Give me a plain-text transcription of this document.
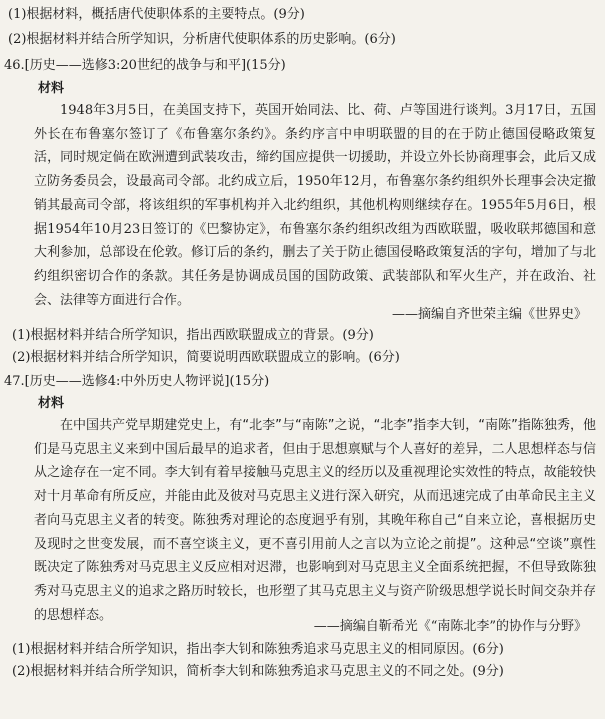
(1)根据材料，概括唐代使职体系的主要特点。(9分)
(2)根据材料并结合所学知识，分析唐代使职体系的历史影响。(6分)
46.[历史——选修3:20世纪的战争与和平](15分)
材料

1948年3月5日，在美国支持下，英国开始同法、比、荷、卢等国进行谈判。3月17日，五国外长在布鲁塞尔签订了《布鲁塞尔条约》。条约序言中申明联盟的目的在于防止德国侵略政策复活，同时规定倘在欧洲遭到武装攻击，缔约国应提供一切援助，并设立外长协商理事会，此后又成立防务委员会，设最高司令部。北约成立后，1950年12月，布鲁塞尔条约组织外长理事会决定撤销其最高司令部，将该组织的军事机构并入北约组织，其他机构则继续存在。1955年5月6日，根据1954年10月23日签订的《巴黎协定》，布鲁塞尔条约组织改组为西欧联盟，吸收联邦德国和意大利参加，总部设在伦敦。修订后的条约，删去了关于防止德国侵略政策复活的字句，增加了与北约组织密切合作的条款。其任务是协调成员国的国防政策、武装部队和军火生产，并在政治、社会、法律等方面进行合作。

——摘编自齐世荣主编《世界史》
(1)根据材料并结合所学知识，指出西欧联盟成立的背景。(9分)
(2)根据材料并结合所学知识，简要说明西欧联盟成立的影响。(6分)
47.[历史——选修4:中外历史人物评说](15分)
材料

在中国共产党早期建党史上，有“北李”与“南陈”之说，“北李”指李大钊，“南陈”指陈独秀，他们是马克思主义来到中国后最早的追求者，但由于思想禀赋与个人喜好的差异，二人思想样态与信从之途存在一定不同。李大钊有着早接触马克思主义的经历以及重视理论实效性的特点，故能较快对十月革命有所反应，并能由此及彼对马克思主义进行深入研究，从而迅速完成了由革命民主主义者向马克思主义者的转变。陈独秀对理论的态度迥乎有别，其晚年称自己“自来立论，喜根据历史及现时之世变发展，而不喜空谈主义，更不喜引用前人之言以为立论之前提”。这种忌“空谈”禀性既决定了陈独秀对马克思主义反应相对迟滞，也影响到对马克思主义全面系统把握，不但导致陈独秀对马克思主义的追求之路历时较长，也形塑了其马克思主义与资产阶级思想学说长时间交杂并存的思想样态。

——摘编自靳希光《“南陈北李”的协作与分野》
(1)根据材料并结合所学知识，指出李大钊和陈独秀追求马克思主义的相同原因。(6分)
(2)根据材料并结合所学知识，简析李大钊和陈独秀追求马克思主义的不同之处。(9分)
